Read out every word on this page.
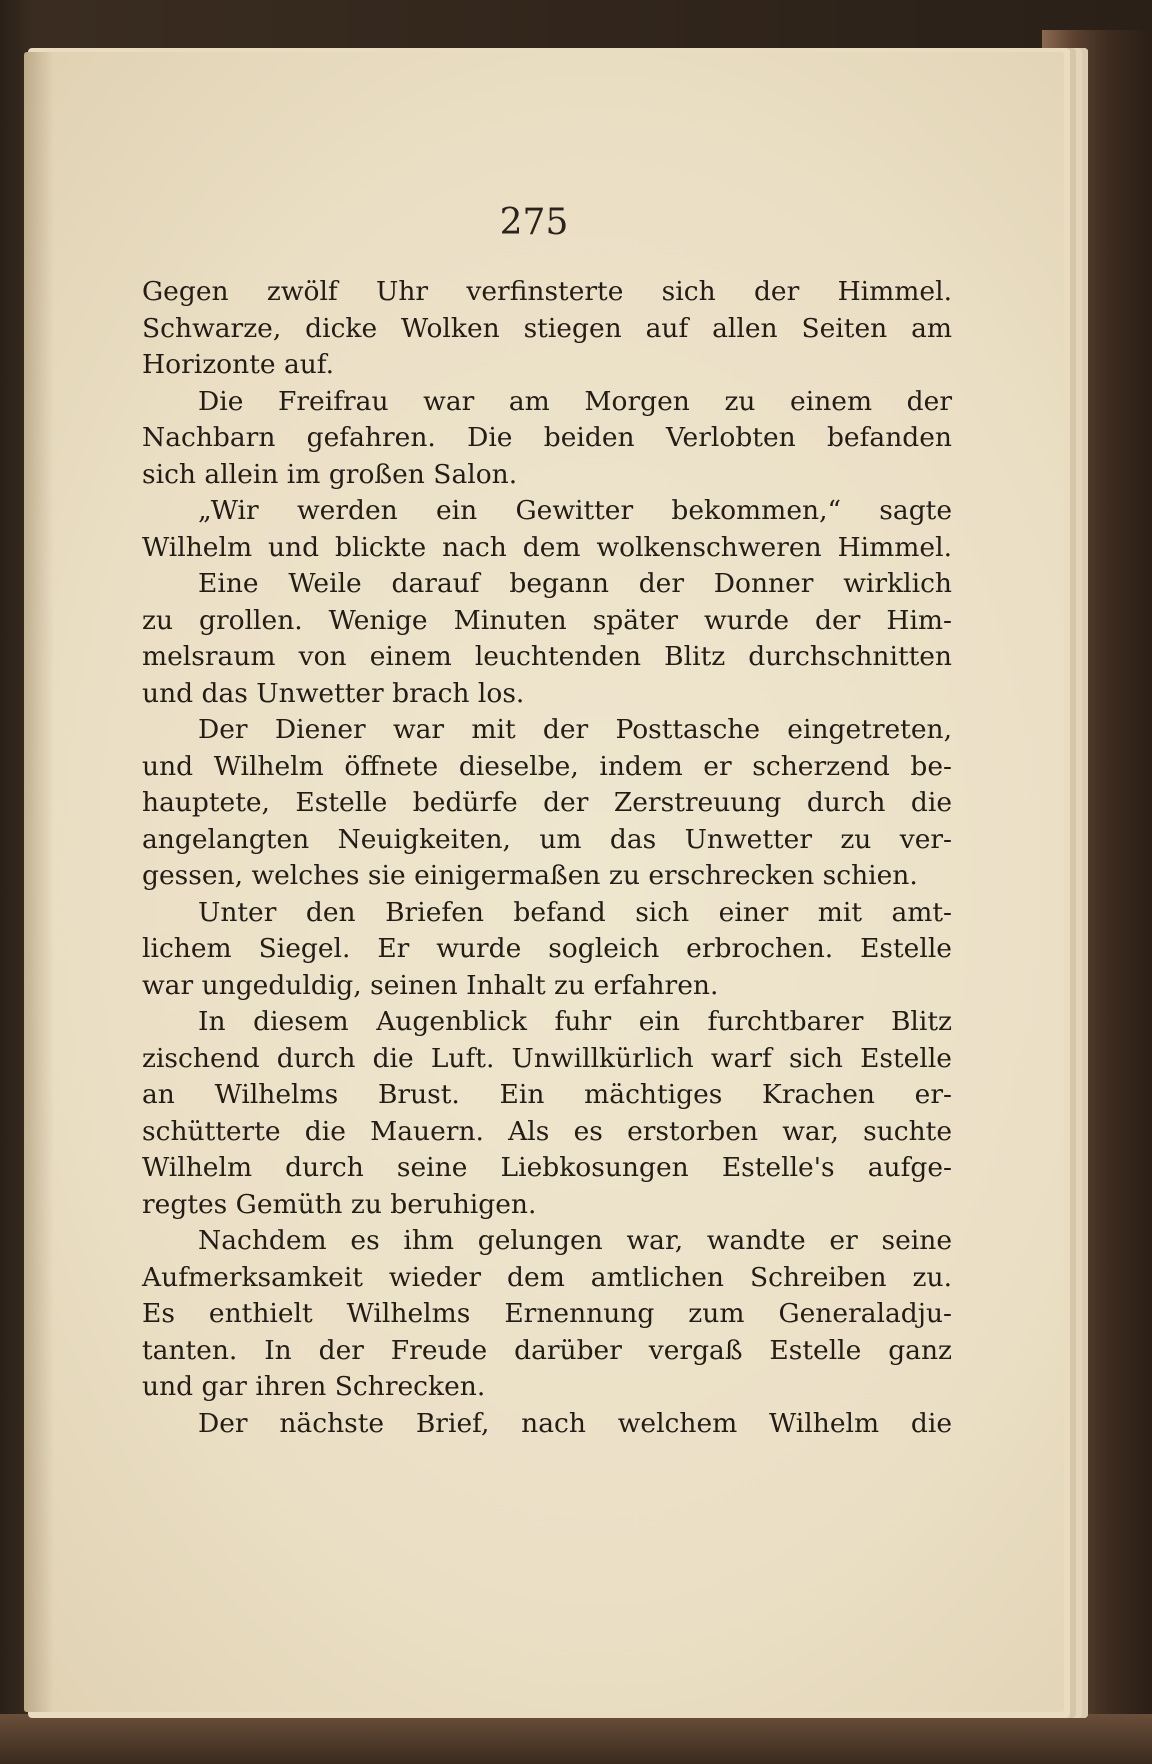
275
Gegen zwölf Uhr verfinsterte sich der Himmel.
Schwarze, dicke Wolken stiegen auf allen Seiten am
Horizonte auf.
Die Freifrau war am Morgen zu einem der
Nachbarn gefahren. Die beiden Verlobten befanden
sich allein im großen Salon.
„Wir werden ein Gewitter bekommen,“ sagte
Wilhelm und blickte nach dem wolkenschweren Himmel.
Eine Weile darauf begann der Donner wirklich
zu grollen. Wenige Minuten später wurde der Him-
melsraum von einem leuchtenden Blitz durchschnitten
und das Unwetter brach los.
Der Diener war mit der Posttasche eingetreten,
und Wilhelm öffnete dieselbe, indem er scherzend be-
hauptete, Estelle bedürfe der Zerstreuung durch die
angelangten Neuigkeiten, um das Unwetter zu ver-
gessen, welches sie einigermaßen zu erschrecken schien.
Unter den Briefen befand sich einer mit amt-
lichem Siegel. Er wurde sogleich erbrochen. Estelle
war ungeduldig, seinen Inhalt zu erfahren.
In diesem Augenblick fuhr ein furchtbarer Blitz
zischend durch die Luft. Unwillkürlich warf sich Estelle
an Wilhelms Brust. Ein mächtiges Krachen er-
schütterte die Mauern. Als es erstorben war, suchte
Wilhelm durch seine Liebkosungen Estelle's aufge-
regtes Gemüth zu beruhigen.
Nachdem es ihm gelungen war, wandte er seine
Aufmerksamkeit wieder dem amtlichen Schreiben zu.
Es enthielt Wilhelms Ernennung zum Generaladju-
tanten. In der Freude darüber vergaß Estelle ganz
und gar ihren Schrecken.
Der nächste Brief, nach welchem Wilhelm die
